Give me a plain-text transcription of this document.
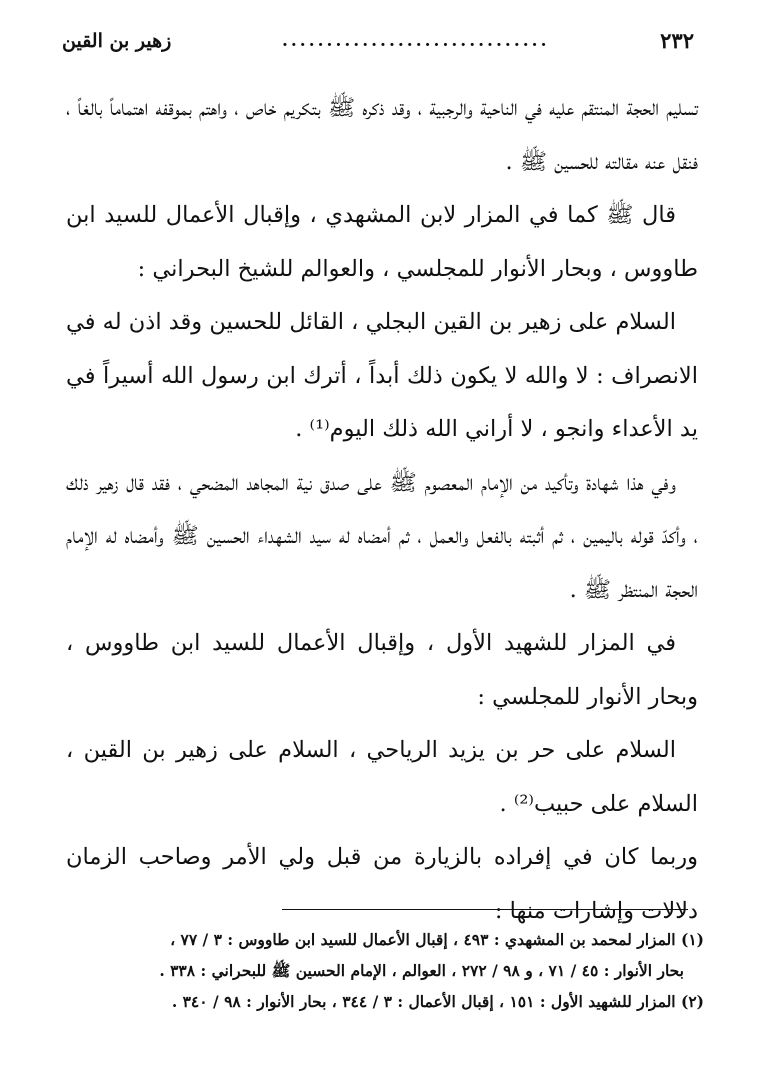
٢٣٢
..............................
زهير بن القين

تسليم الحجة المنتقم عليه في الناحية والرجبية ، وقد ذكره ﷺ بتكريم خاص ، واهتم بموقفه اهتماماً بالغاً ، فنقل عنه مقالته للحسين ﷺ .

قال ﷺ كما في المزار لابن المشهدي ، وإقبال الأعمال للسيد ابن طاووس ، وبحار الأنوار للمجلسي ، والعوالم للشيخ البحراني :

السلام على زهير بن القين البجلي ، القائل للحسين وقد اذن له في الانصراف : لا والله لا يكون ذلك أبداً ، أترك ابن رسول الله أسيراً في يد الأعداء وانجو ، لا أراني الله ذلك اليوم⁽¹⁾ .

وفي هذا شهادة وتأكيد من الإمام المعصوم ﷺ على صدق نية المجاهد المضحي ، فقد قال زهير ذلك ، وأكدّ قوله باليمين ، ثم أثبته بالفعل والعمل ، ثم أمضاه له سيد الشهداء الحسين ﷺ وأمضاه له الإمام الحجة المنتظر ﷺ .

في المزار للشهيد الأول ، وإقبال الأعمال للسيد ابن طاووس ، وبحار الأنوار للمجلسي :

السلام على حر بن يزيد الرياحي ، السلام على زهير بن القين ، السلام على حبيب⁽²⁾ .

وربما كان في إفراده بالزيارة من قبل ولي الأمر وصاحب الزمان دلالات وإشارات منها :

(١) المزار لمحمد بن المشهدي : ٤٩٣ ، إقبال الأعمال للسيد ابن طاووس : ٣ / ٧٧ ،

بحار الأنوار : ٤٥ / ٧١ ، و ٩٨ / ٢٧٢ ، العوالم ، الإمام الحسين ﷺ للبحراني : ٣٣٨ .

(٢) المزار للشهيد الأول : ١٥١ ، إقبال الأعمال : ٣ / ٣٤٤ ، بحار الأنوار : ٩٨ / ٣٤٠ .
